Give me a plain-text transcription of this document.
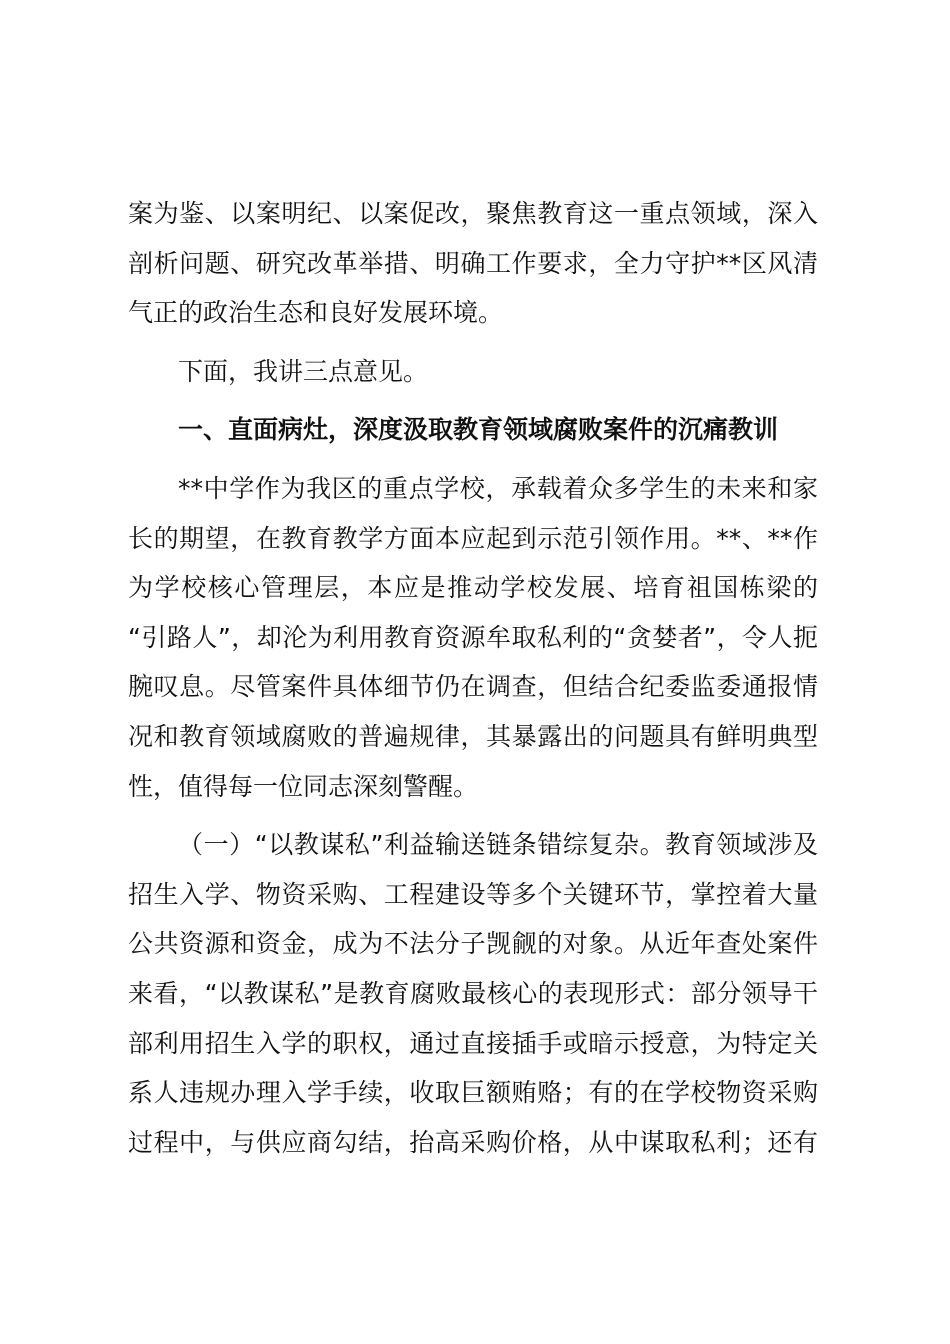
案为鉴、以案明纪、以案促改，聚焦教育这一重点领域，深入
剖析问题、研究改革举措、明确工作要求，全力守护**区风清
气正的政治生态和良好发展环境。
下面，我讲三点意见。
一、直面病灶，深度汲取教育领域腐败案件的沉痛教训
**中学作为我区的重点学校，承载着众多学生的未来和家
长的期望，在教育教学方面本应起到示范引领作用。**、**作
为学校核心管理层，本应是推动学校发展、培育祖国栋梁的
“引路人”，却沦为利用教育资源牟取私利的“贪婪者”，令人扼
腕叹息。尽管案件具体细节仍在调查，但结合纪委监委通报情
况和教育领域腐败的普遍规律，其暴露出的问题具有鲜明典型
性，值得每一位同志深刻警醒。
（一）“以教谋私”利益输送链条错综复杂。教育领域涉及
招生入学、物资采购、工程建设等多个关键环节，掌控着大量
公共资源和资金，成为不法分子觊觎的对象。从近年查处案件
来看，“以教谋私”是教育腐败最核心的表现形式：部分领导干
部利用招生入学的职权，通过直接插手或暗示授意，为特定关
系人违规办理入学手续，收取巨额贿赂；有的在学校物资采购
过程中，与供应商勾结，抬高采购价格，从中谋取私利；还有
